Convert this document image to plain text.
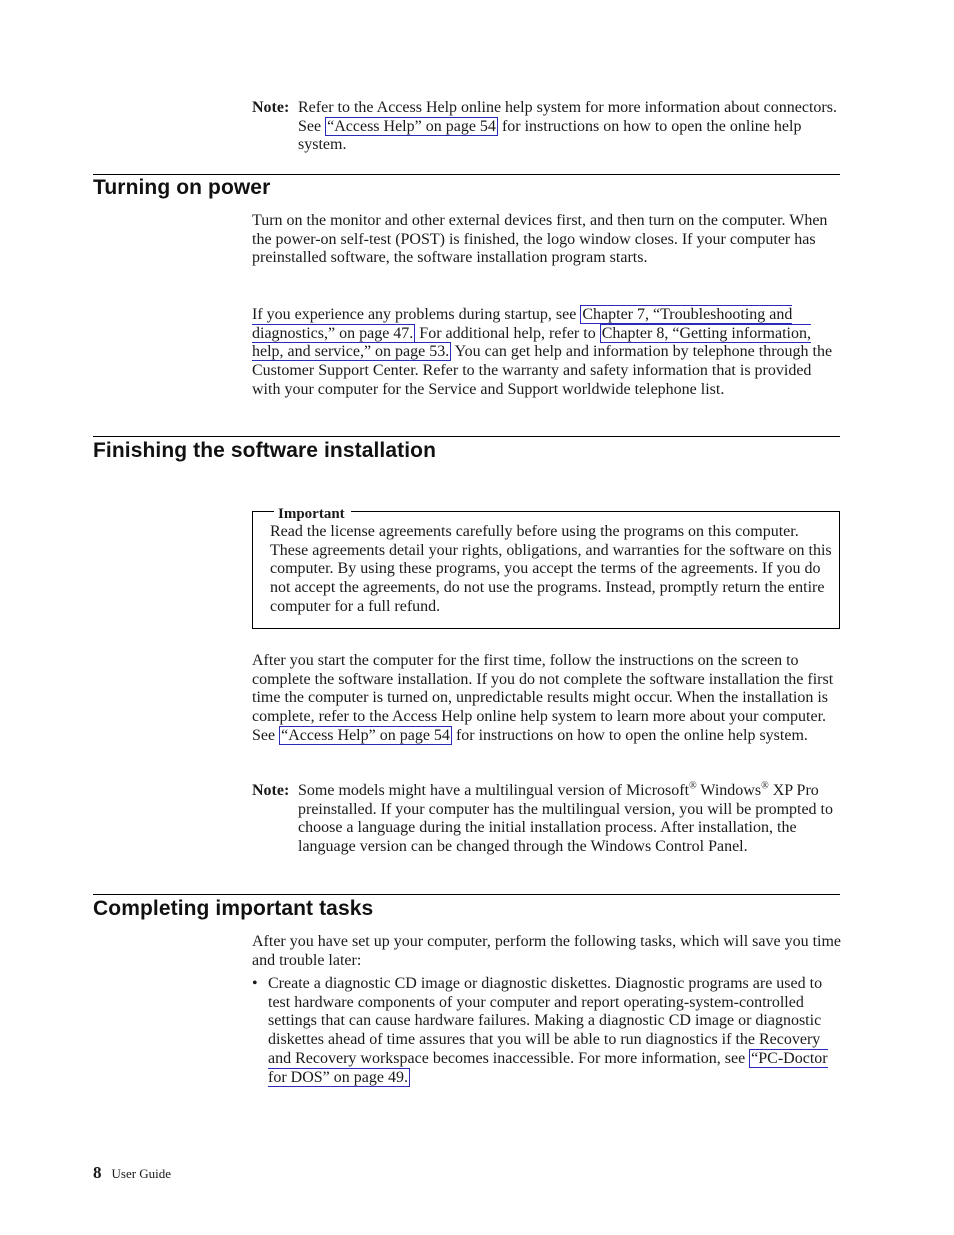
Note: Refer to the Access Help online help system for more information about connectors. See “Access Help” on page 54 for instructions on how to open the online help system.
Turning on power

Turn on the monitor and other external devices first, and then turn on the computer. When the power-on self-test (POST) is finished, the logo window closes. If your computer has preinstalled software, the software installation program starts.

If you experience any problems during startup, see Chapter 7, “Troubleshooting and diagnostics,” on page 47. For additional help, refer to Chapter 8, “Getting information, help, and service,” on page 53. You can get help and information by telephone through the Customer Support Center. Refer to the warranty and safety information that is provided with your computer for the Service and Support worldwide telephone list.

Finishing the software installation
Important

Read the license agreements carefully before using the programs on this computer. These agreements detail your rights, obligations, and warranties for the software on this computer. By using these programs, you accept the terms of the agreements. If you do not accept the agreements, do not use the programs. Instead, promptly return the entire computer for a full refund.

After you start the computer for the first time, follow the instructions on the screen to complete the software installation. If you do not complete the software installation the first time the computer is turned on, unpredictable results might occur. When the installation is complete, refer to the Access Help online help system to learn more about your computer. See “Access Help” on page 54 for instructions on how to open the online help system.

Note: Some models might have a multilingual version of Microsoft® Windows® XP Pro preinstalled. If your computer has the multilingual version, you will be prompted to choose a language during the initial installation process. After installation, the language version can be changed through the Windows Control Panel.
Completing important tasks

After you have set up your computer, perform the following tasks, which will save you time and trouble later:

• Create a diagnostic CD image or diagnostic diskettes. Diagnostic programs are used to test hardware components of your computer and report operating-system-controlled settings that can cause hardware failures. Making a diagnostic CD image or diagnostic diskettes ahead of time assures that you will be able to run diagnostics if the Recovery and Recovery workspace becomes inaccessible. For more information, see “PC-Doctor for DOS” on page 49.
8 User Guide
